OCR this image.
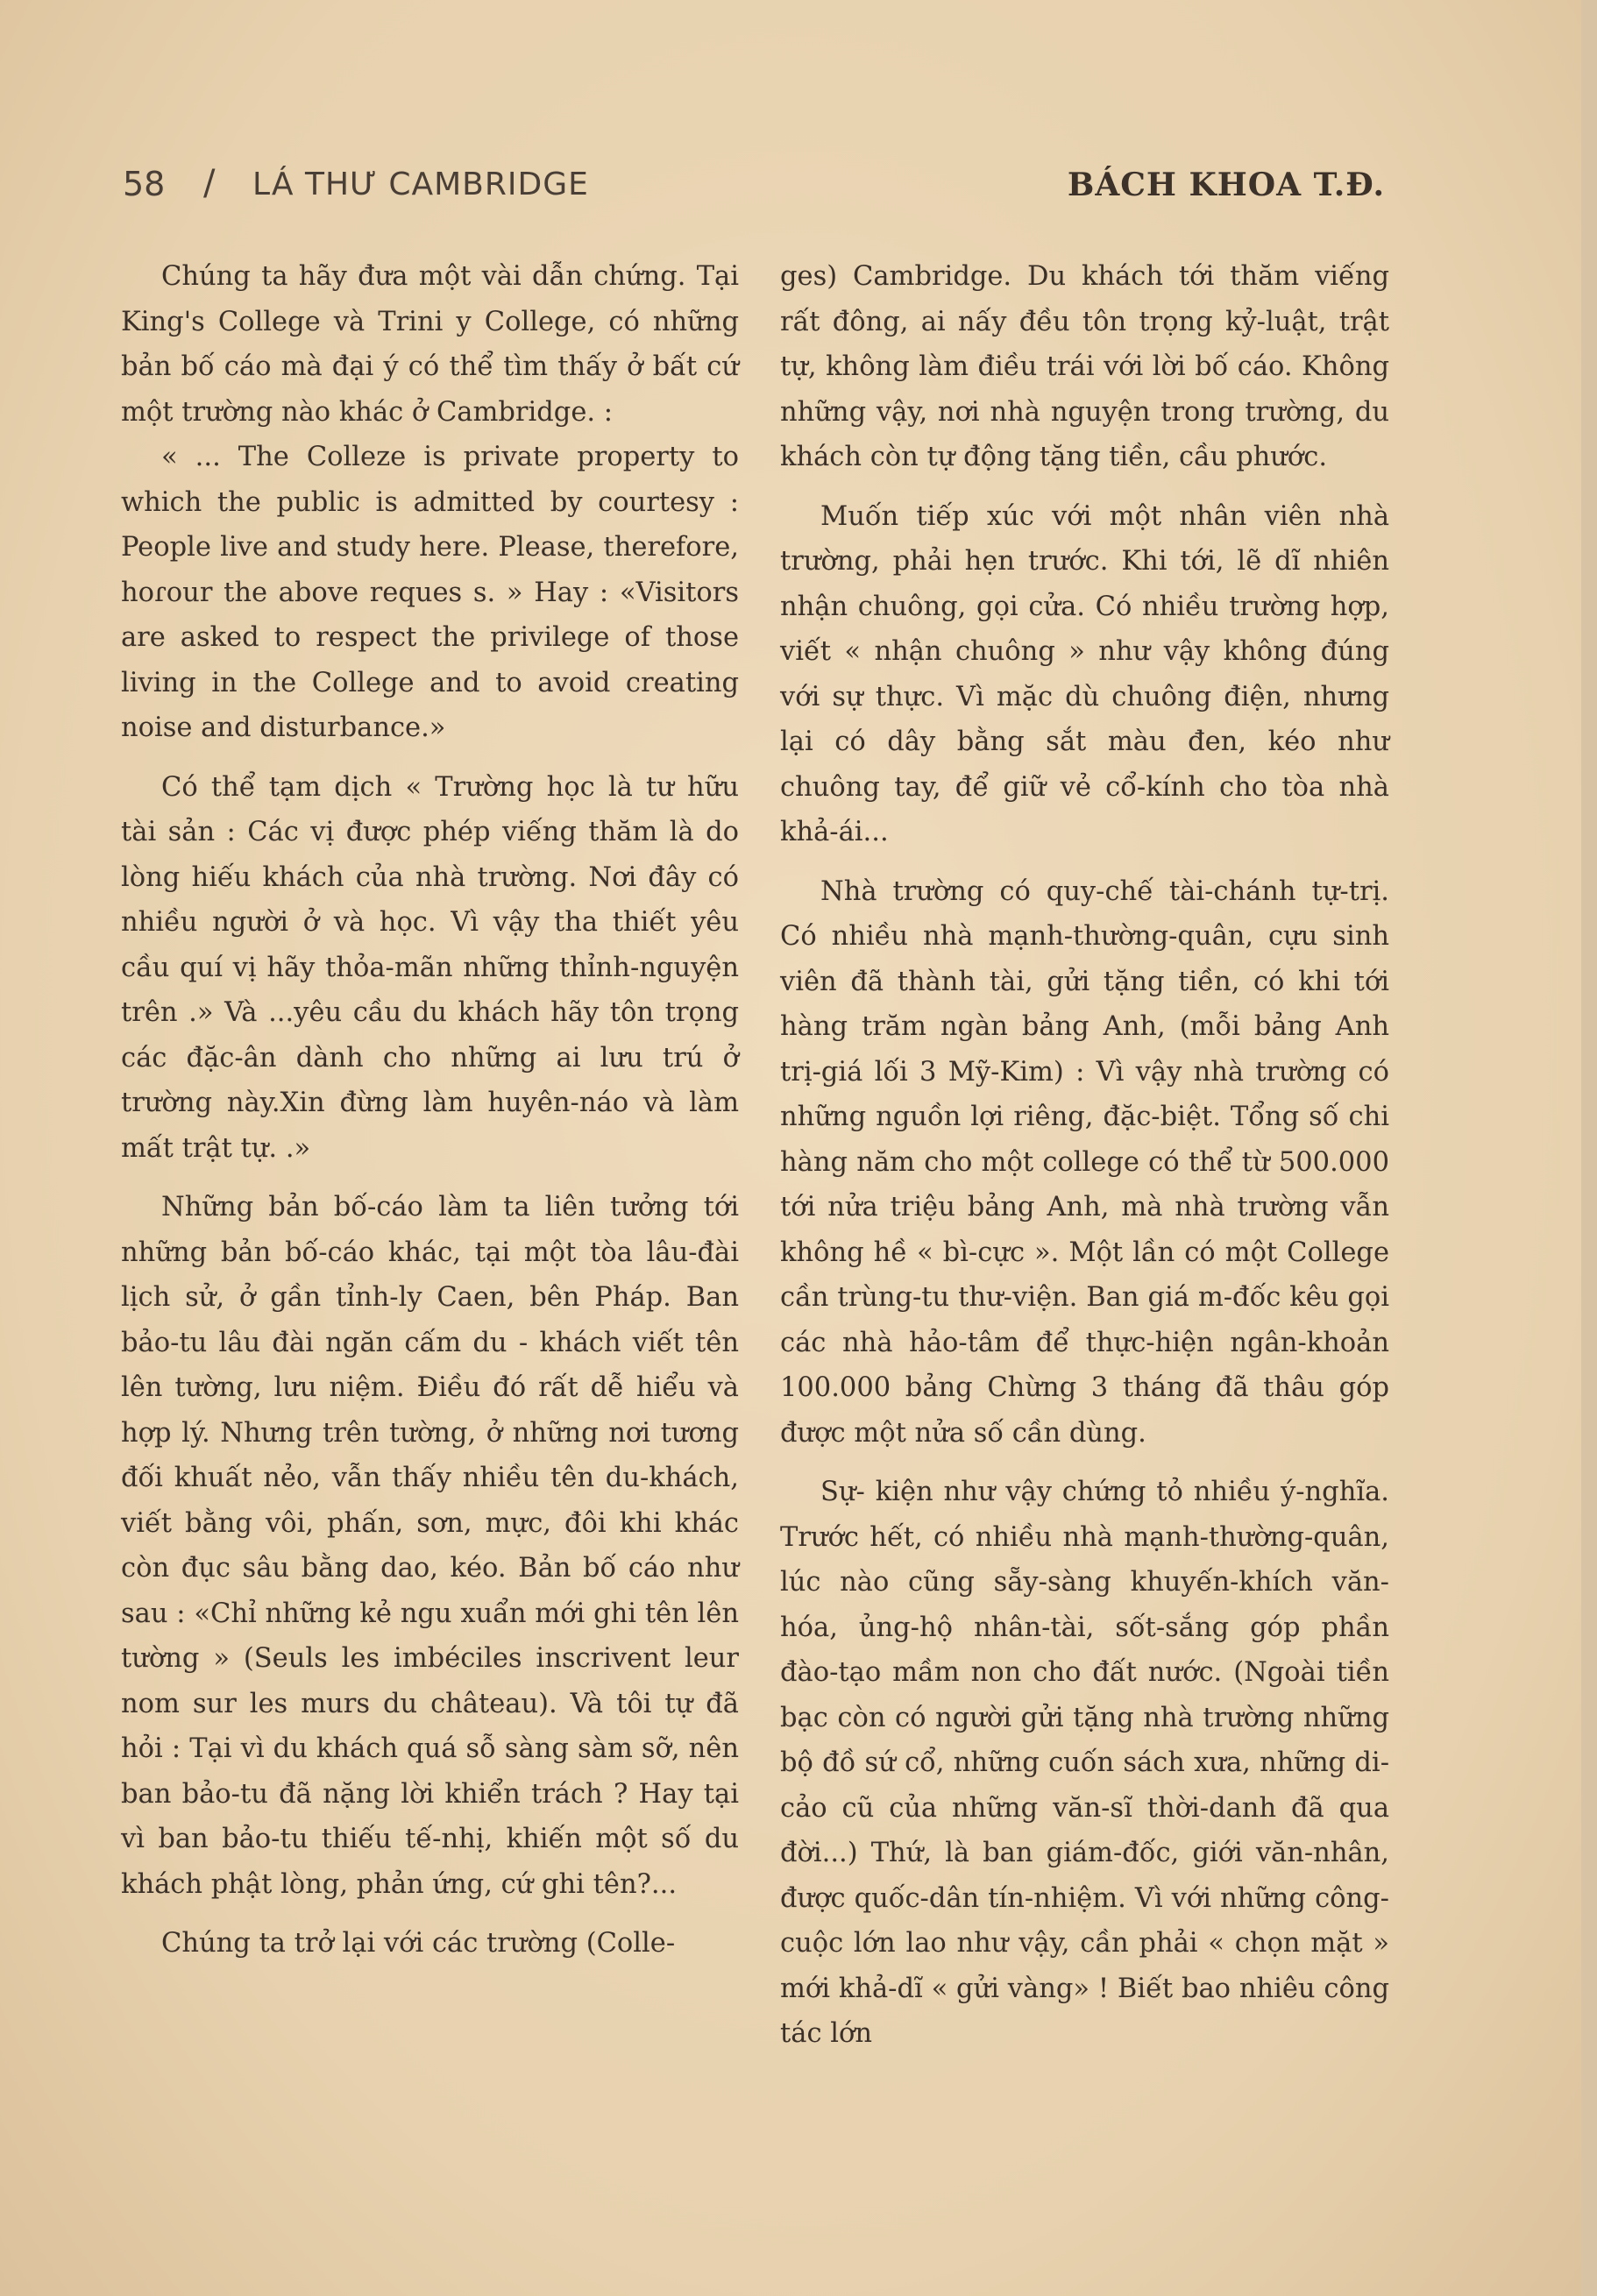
58 / LÁ THƯ CAMBRIDGE	BÁCH KHOA T.Đ.

Chúng ta hãy đưa một vài dẫn chứng. Tại King's College và Trini y College, có những bản bố cáo mà đại ý có thể tìm thấy ở bất cứ một trường nào khác ở Cambridge. :

« ... The Colleze is private property to which the public is admitted by courtesy : People live and study here. Please, therefore, hoɾour the above reques s. » Hay : «Visitors are asked to respect the privilege of those living in the College and to avoid creating noise and disturbance.»

Có thể tạm dịch « Trường học là tư hữu tài sản : Các vị được phép viếng thăm là do lòng hiếu khách của nhà trường. Nơi đây có nhiều người ở và học. Vì vậy tha thiết yêu cầu quí vị hãy thỏa-mãn những thỉnh-nguyện trên .» Và ...yêu cầu du khách hãy tôn trọng các đặc-ân dành cho những ai lưu trú ở trường này.Xin đừng làm huyên-náo và làm mất trật tự. .»

Những bản bố-cáo làm ta liên tưởng tới những bản bố-cáo khác, tại một tòa lâu-đài lịch sử, ở gần tỉnh-ly Caen, bên Pháp. Ban bảo-tu lâu đài ngăn cấm du - khách viết tên lên tường, lưu niệm. Điều đó rất dễ hiểu và hợp lý. Nhưng trên tường, ở những nơi tương đối khuất nẻo, vẫn thấy nhiều tên du-khách, viết bằng vôi, phấn, sơn, mực, đôi khi khác còn đục sâu bằng dao, kéo. Bản bố cáo như sau : «Chỉ những kẻ ngu xuẩn mới ghi tên lên tường » (Seuls les imbéciles inscrivent leur nom sur les murs du château). Và tôi tự đã hỏi : Tại vì du khách quá sỗ sàng sàm sỡ, nên ban bảo-tu đã nặng lời khiển trách ? Hay tại vì ban bảo-tu thiếu tế-nhị, khiến một số du khách phật lòng, phản ứng, cứ ghi tên?...

Chúng ta trở lại với các trường (Colle-

ges) Cambridge. Du khách tới thăm viếng rất đông, ai nấy đều tôn trọng kỷ-luật, trật tự, không làm điều trái với lời bố cáo. Không những vậy, nơi nhà nguyện trong trường, du khách còn tự động tặng tiền, cầu phước.

Muốn tiếp xúc với một nhân viên nhà trường, phải hẹn trước. Khi tới, lẽ dĩ nhiên nhận chuông, gọi cửa. Có nhiều trường hợp, viết « nhận chuông » như vậy không đúng với sự thực. Vì mặc dù chuông điện, nhưng lại có dây bằng sắt màu đen, kéo như chuông tay, để giữ vẻ cổ-kính cho tòa nhà khả-ái...

Nhà trường có quy-chế tài-chánh tự-trị. Có nhiều nhà mạnh-thường-quân, cựu sinh viên đã thành tài, gửi tặng tiền, có khi tới hàng trăm ngàn bảng Anh, (mỗi bảng Anh trị-giá lối 3 Mỹ-Kim) : Vì vậy nhà trường có những nguồn lợi riêng, đặc-biệt. Tổng số chi hàng năm cho một college có thể từ 500.000 tới nửa triệu bảng Anh, mà nhà trường vẫn không hề « bì-cực ». Một lần có một College cần trùng-tu thư-viện. Ban giá m-đốc kêu gọi các nhà hảo-tâm để thực-hiện ngân-khoản 100.000 bảng Chừng 3 tháng đã thâu góp được một nửa số cần dùng.

Sự- kiện như vậy chứng tỏ nhiều ý-nghĩa. Trước hết, có nhiều nhà mạnh-thường-quân, lúc nào cũng sẵy-sàng khuyến-khích văn-hóa, ủng-hộ nhân-tài, sốt-sắng góp phần đào-tạo mầm non cho đất nước. (Ngoài tiền bạc còn có người gửi tặng nhà trường những bộ đồ sứ cổ, những cuốn sách xưa, những di-cảo cũ của những văn-sĩ thời-danh đã qua đời...) Thứ, là ban giám-đốc, giới văn-nhân, được quốc-dân tín-nhiệm. Vì với những công-cuộc lớn lao như vậy, cần phải « chọn mặt » mới khả-dĩ « gửi vàng» ! Biết bao nhiêu công tác lớn
